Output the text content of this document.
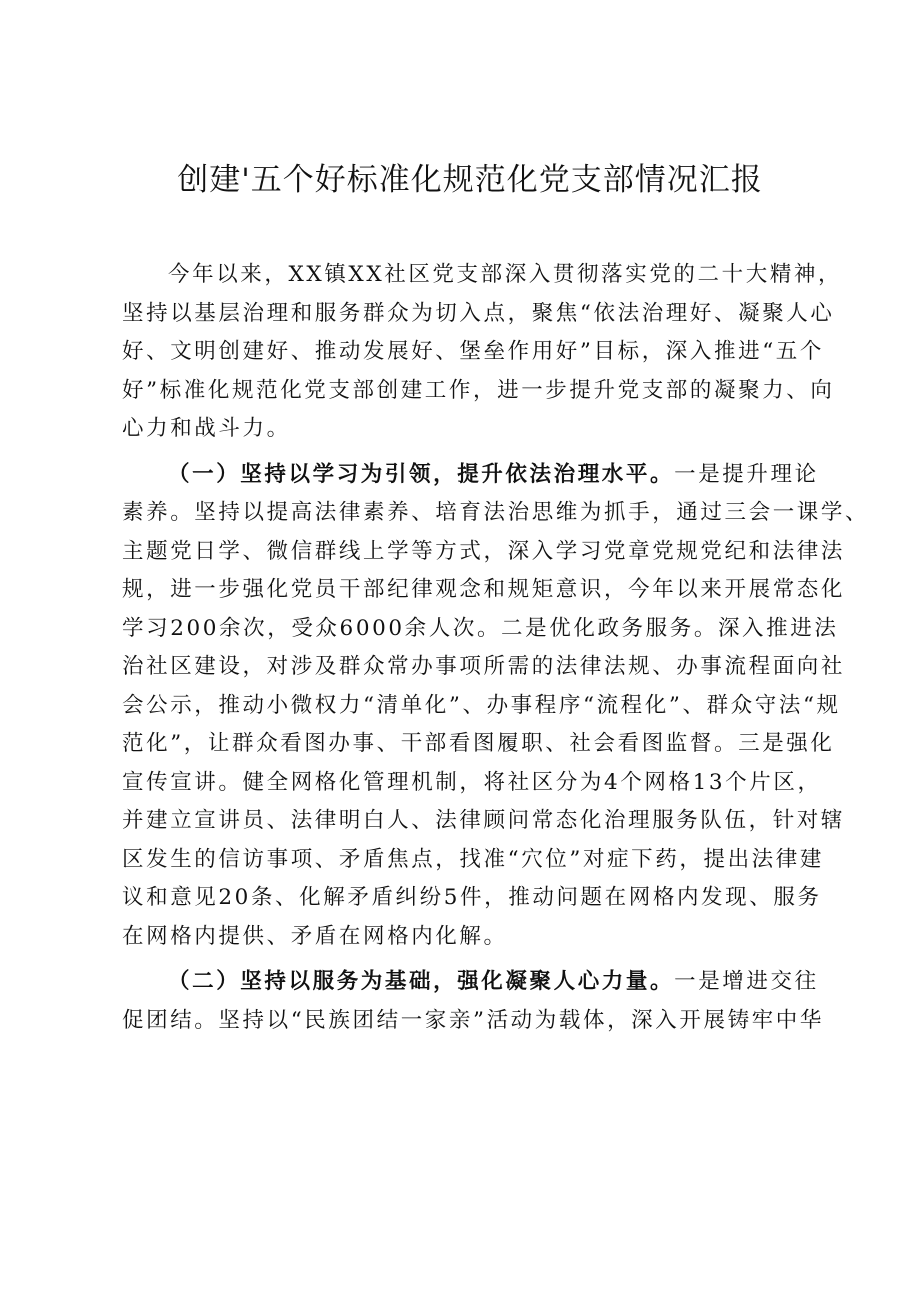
创建'五个好标准化规范化党支部情况汇报
今年以来，XX镇XX社区党支部深入贯彻落实党的二十大精神，
坚持以基层治理和服务群众为切入点，聚焦“依法治理好、凝聚人心
好、文明创建好、推动发展好、堡垒作用好”目标，深入推进“五个
好”标准化规范化党支部创建工作，进一步提升党支部的凝聚力、向
心力和战斗力。
（一）坚持以学习为引领，提升依法治理水平。一是提升理论
素养。坚持以提高法律素养、培育法治思维为抓手，通过三会一课学、
主题党日学、微信群线上学等方式，深入学习党章党规党纪和法律法
规，进一步强化党员干部纪律观念和规矩意识，今年以来开展常态化
学习200余次，受众6000余人次。二是优化政务服务。深入推进法
治社区建设，对涉及群众常办事项所需的法律法规、办事流程面向社
会公示，推动小微权力“清单化”、办事程序“流程化”、群众守法“规
范化”，让群众看图办事、干部看图履职、社会看图监督。三是强化
宣传宣讲。健全网格化管理机制，将社区分为4个网格13个片区，
并建立宣讲员、法律明白人、法律顾问常态化治理服务队伍，针对辖
区发生的信访事项、矛盾焦点，找准“穴位”对症下药，提出法律建
议和意见20条、化解矛盾纠纷5件，推动问题在网格内发现、服务
在网格内提供、矛盾在网格内化解。
（二）坚持以服务为基础，强化凝聚人心力量。一是增进交往
促团结。坚持以“民族团结一家亲”活动为载体，深入开展铸牢中华
